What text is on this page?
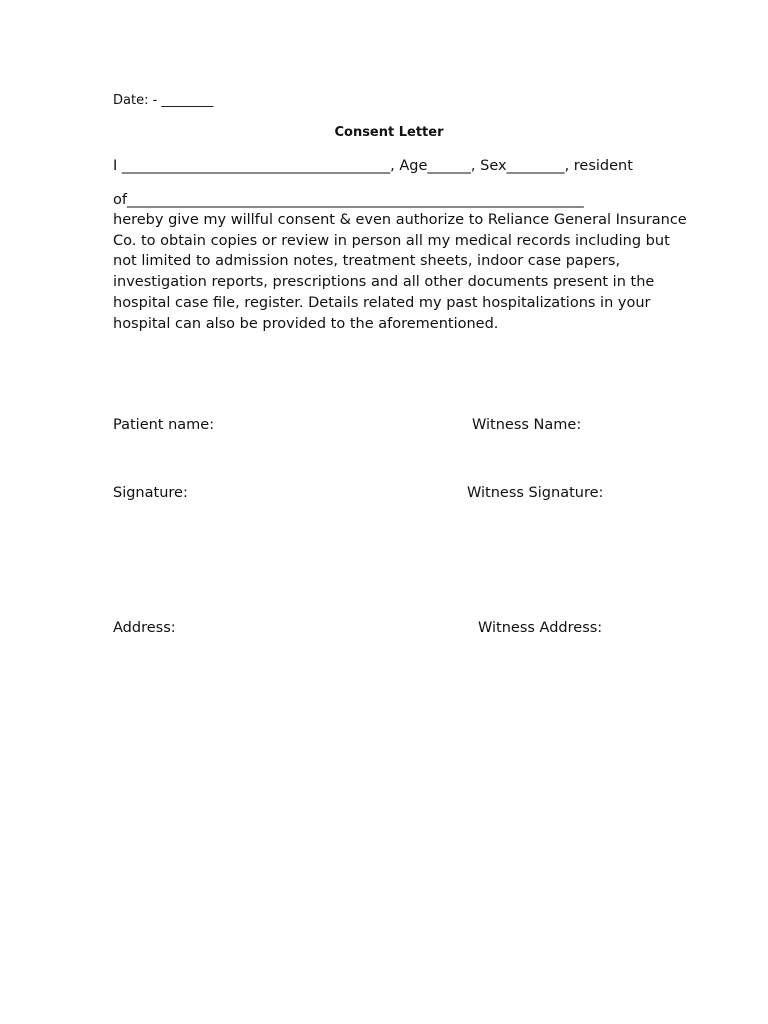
Date: - ________
Consent Letter
I _____________________________________, Age______, Sex________, resident
of_______________________________________________________________
hereby give my willful consent & even authorize to Reliance General Insurance
Co. to obtain copies or review in person all my medical records including but
not limited to admission notes, treatment sheets, indoor case papers,
investigation reports, prescriptions and all other documents present in the
hospital case file, register. Details related my past hospitalizations in your
hospital can also be provided to the aforementioned.
Patient name:	Witness Name:
Signature:	Witness Signature:
Address:	Witness Address:
